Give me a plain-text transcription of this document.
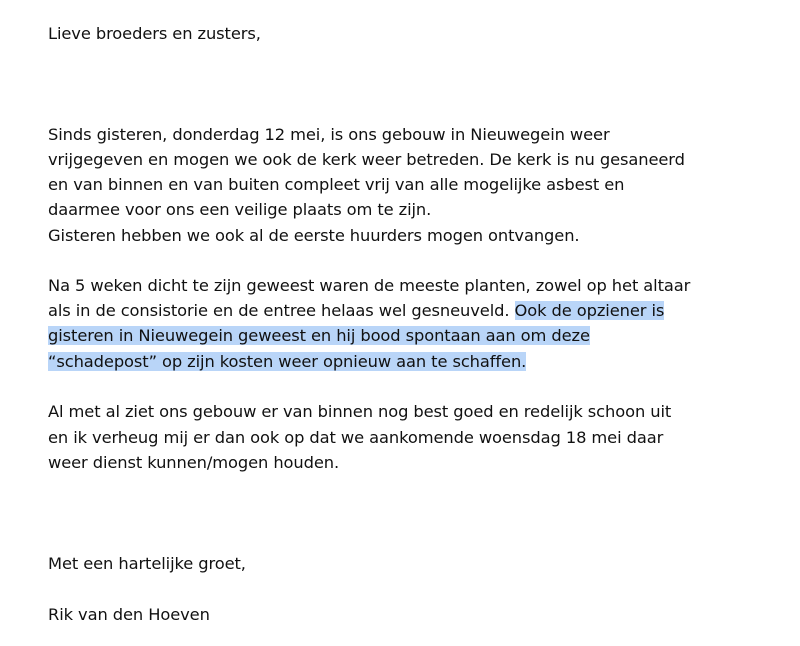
Lieve broeders en zusters,
Sinds gisteren, donderdag 12 mei, is ons gebouw in Nieuwegein weer
vrijgegeven en mogen we ook de kerk weer betreden. De kerk is nu gesaneerd
en van binnen en van buiten compleet vrij van alle mogelijke asbest en
daarmee voor ons een veilige plaats om te zijn.
Gisteren hebben we ook al de eerste huurders mogen ontvangen.
Na 5 weken dicht te zijn geweest waren de meeste planten, zowel op het altaar
als in de consistorie en de entree helaas wel gesneuveld. Ook de opziener is
gisteren in Nieuwegein geweest en hij bood spontaan aan om deze
“schadepost” op zijn kosten weer opnieuw aan te schaffen.
Al met al ziet ons gebouw er van binnen nog best goed en redelijk schoon uit
en ik verheug mij er dan ook op dat we aankomende woensdag 18 mei daar
weer dienst kunnen/mogen houden.
Met een hartelijke groet,
Rik van den Hoeven
